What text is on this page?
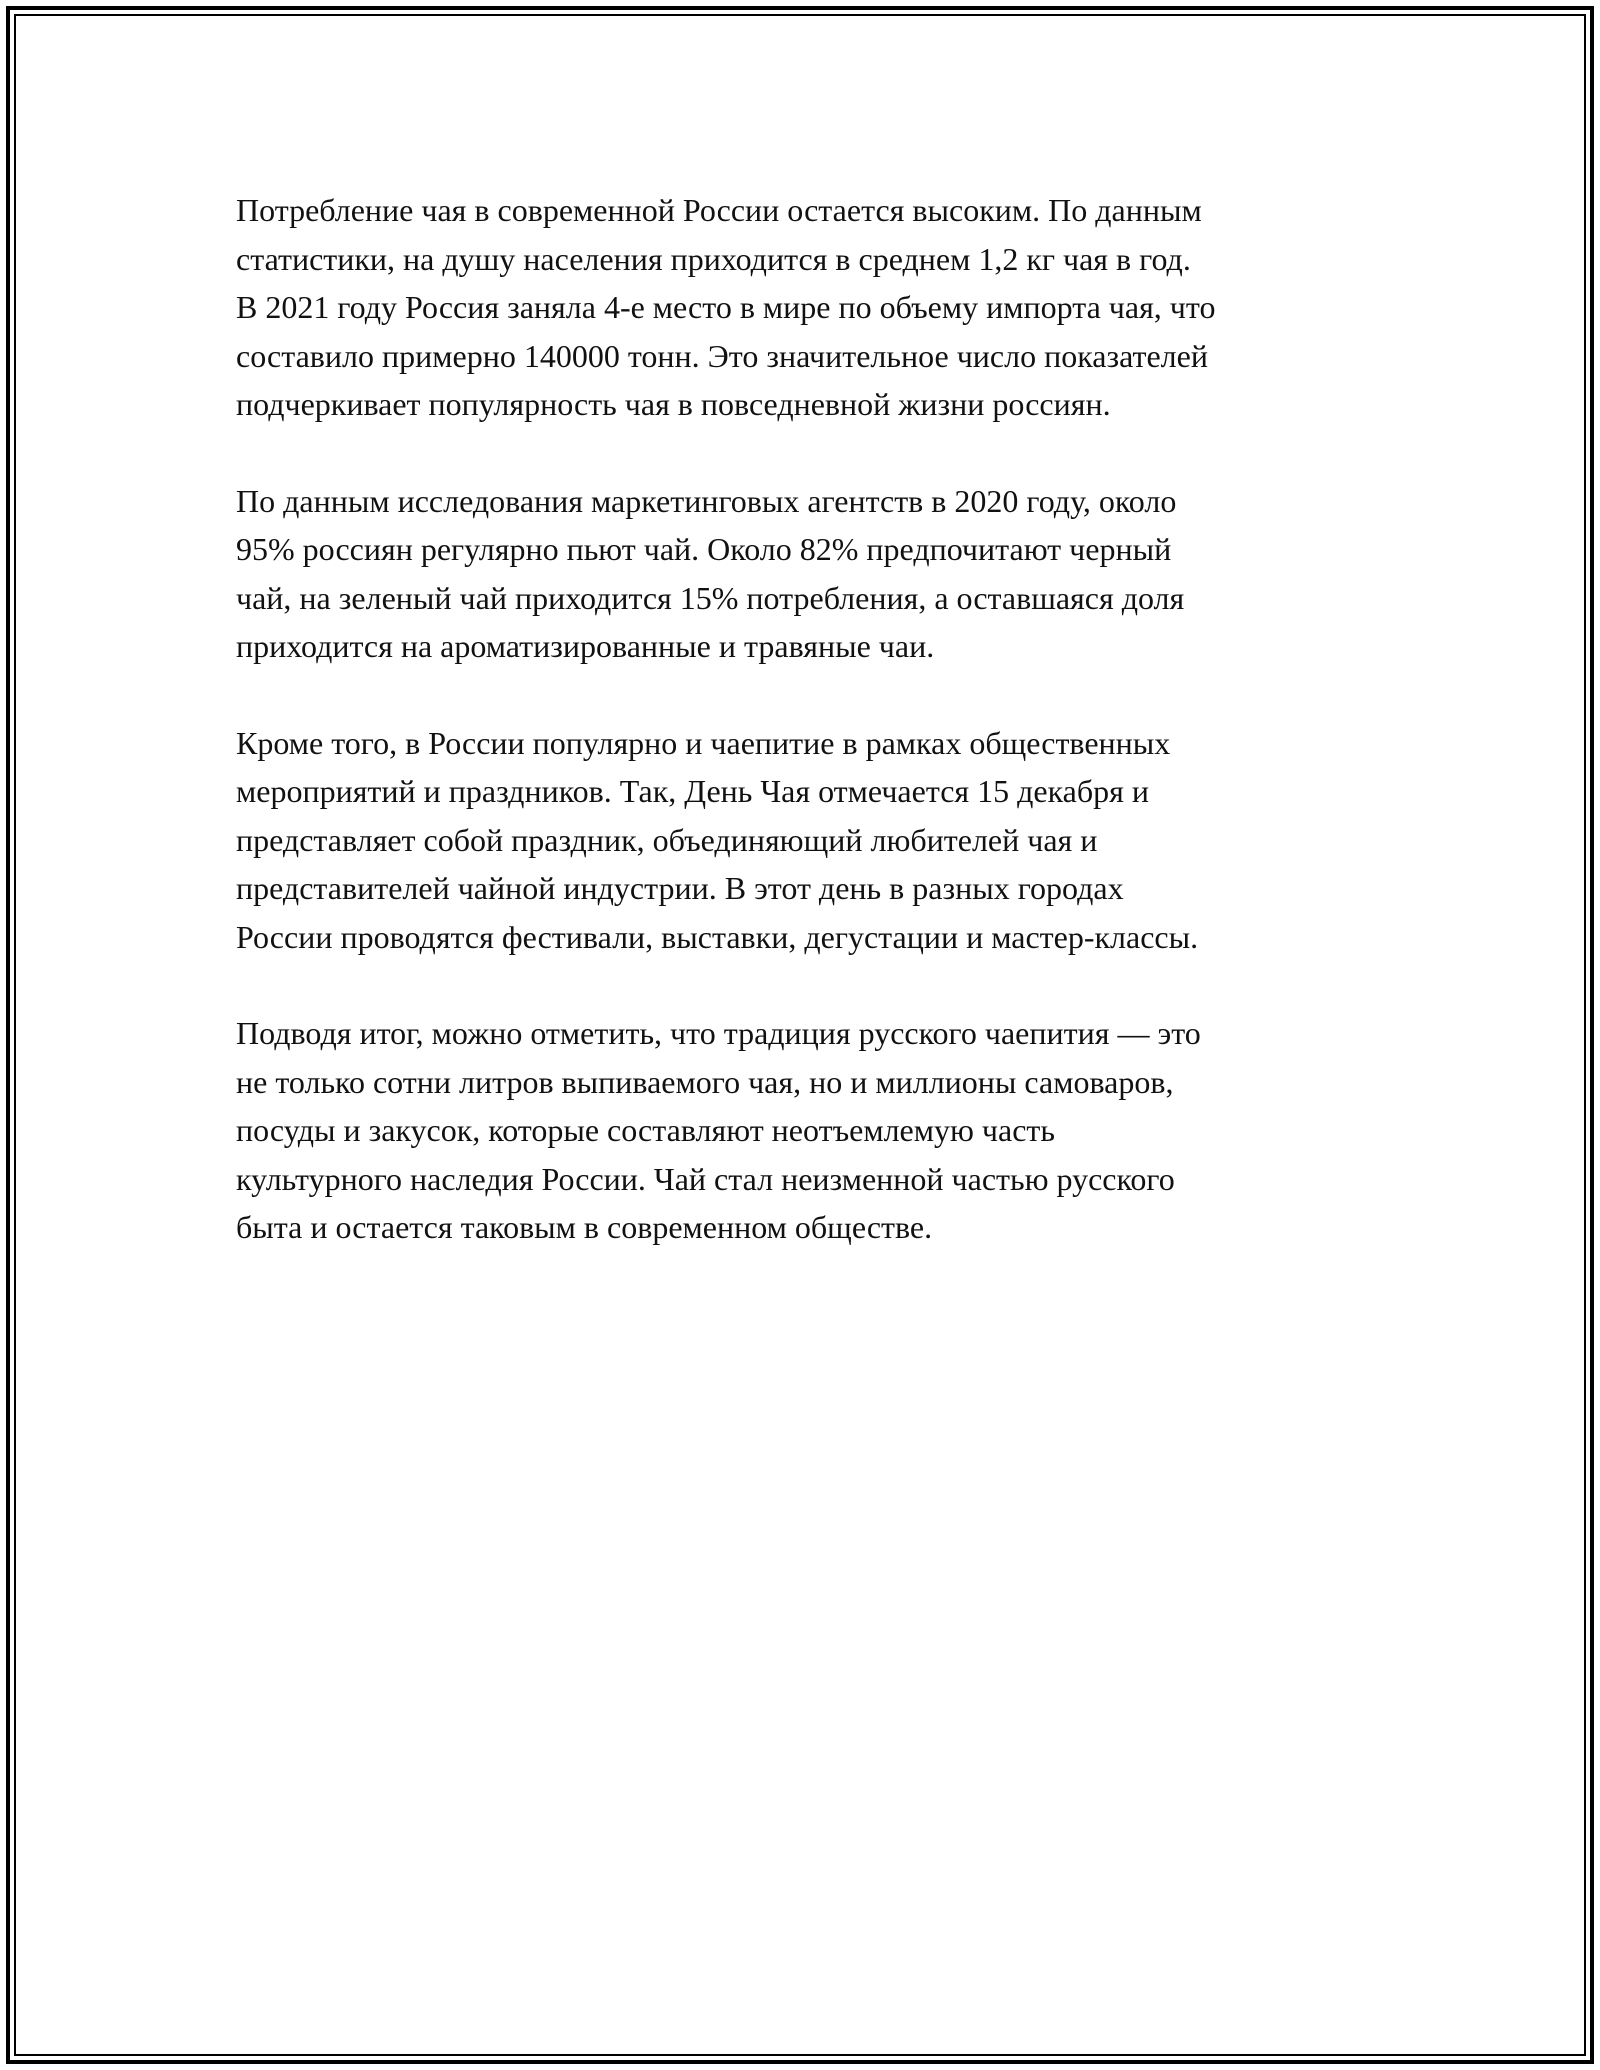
Потребление чая в современной России остается высоким. По данным
статистики, на душу населения приходится в среднем 1,2 кг чая в год.
В 2021 году Россия заняла 4-е место в мире по объему импорта чая, что
составило примерно 140000 тонн. Это значительное число показателей
подчеркивает популярность чая в повседневной жизни россиян.

По данным исследования маркетинговых агентств в 2020 году, около
95% россиян регулярно пьют чай. Около 82% предпочитают черный
чай, на зеленый чай приходится 15% потребления, а оставшаяся доля
приходится на ароматизированные и травяные чаи.

Кроме того, в России популярно и чаепитие в рамках общественных
мероприятий и праздников. Так, День Чая отмечается 15 декабря и
представляет собой праздник, объединяющий любителей чая и
представителей чайной индустрии. В этот день в разных городах
России проводятся фестивали, выставки, дегустации и мастер-классы.

Подводя итог, можно отметить, что традиция русского чаепития — это
не только сотни литров выпиваемого чая, но и миллионы самоваров,
посуды и закусок, которые составляют неотъемлемую часть
культурного наследия России. Чай стал неизменной частью русского
быта и остается таковым в современном обществе.
